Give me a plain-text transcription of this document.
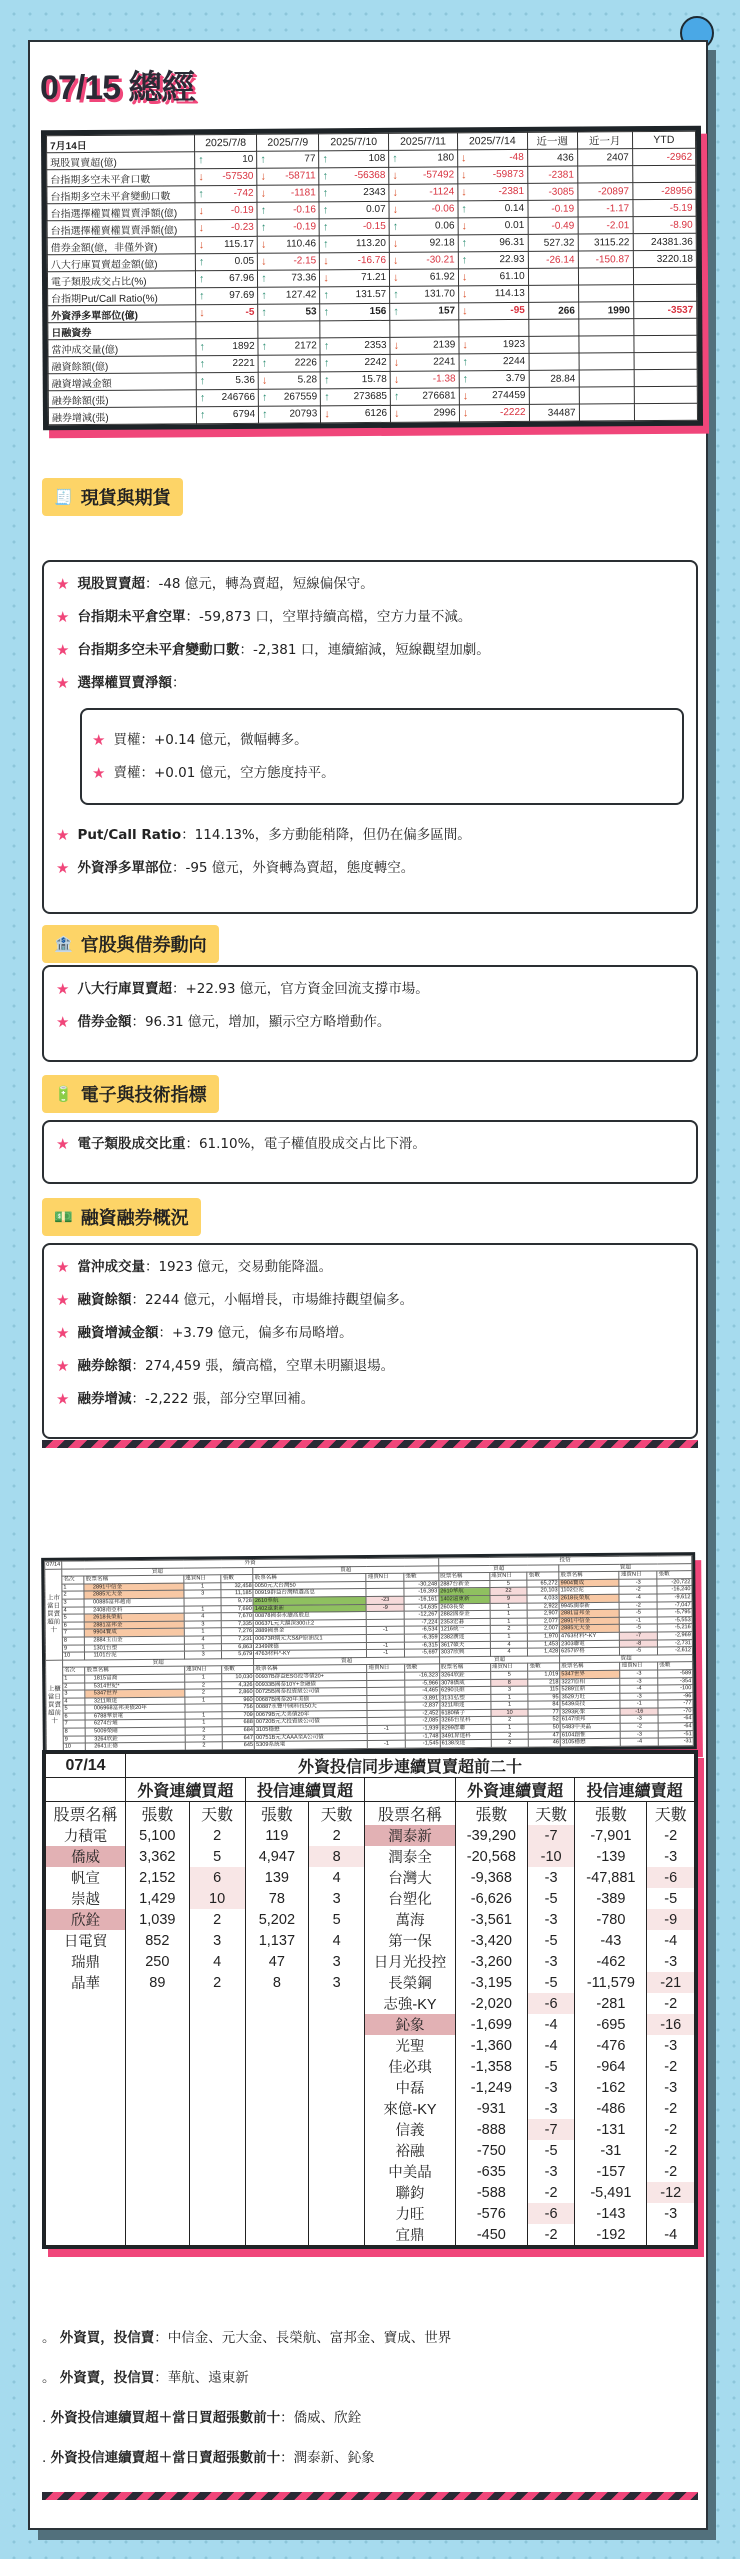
07/15 總經
7月14日	2025/7/8	2025/7/9	2025/7/10	2025/7/11	2025/7/14	近一週	近一月	YTD
現股買賣超(億)	↑ 10	↑ 77	↑ 108	↑ 180	↓ -48	436	2407	-2962
台指期多空未平倉口數	↓ -57530	↓ -58711	↑ -56368	↓ -57492	↓ -59873	-2381		
台指期多空未平倉變動口數	↑ -742	↓ -1181	↑ 2343	↓ -1124	↓ -2381	-3085	-20897	-28956
台指選擇權買權買賣淨額(億)	↓ -0.19	↑ -0.16	↑ 0.07	↓ -0.06	↑ 0.14	-0.19	-1.17	-5.19
台指選擇權賣權買賣淨額(億)	↓ -0.23	↑ -0.19	↑ -0.15	↑ 0.06	↓ 0.01	-0.49	-2.01	-8.90
借券金額(億，非僅外資)	↓ 115.17	↓ 110.46	↑ 113.20	↓ 92.18	↑ 96.31	527.32	3115.22	24381.36
八大行庫買賣超金額(億)	↑ 0.05	↓ -2.15	↓ -16.76	↓ -30.21	↑ 22.93	-26.14	-150.87	3220.18
電子類股成交占比(%)	↑ 67.96	↑ 73.36	↓ 71.21	↓ 61.92	↓ 61.10			
台指期Put/Call Ratio(%)	↑ 97.69	↑ 127.42	↑ 131.57	↑ 131.70	↓ 114.13			
外資淨多單部位(億)	↓ -5	↑ 53	↑ 156	↑ 157	↓ -95	266	1990	-3537
日融資券								
當沖成交量(億)	↑ 1892	↑ 2172	↑ 2353	↓ 2139	↓ 1923			
融資餘額(億)	↑ 2221	↑ 2226	↑ 2242	↓ 2241	↑ 2244			
融資增減金額	↑ 5.36	↓ 5.28	↑ 15.78	↓ -1.38	↑ 3.79	28.84		
融券餘額(張)	↑ 246766	↑ 267559	↑ 273685	↑ 276681	↓ 274459			
融券增減(張)	↑ 6794	↑ 20793	↓ 6126	↓ 2996	↓ -2222	34487		
🧾 現貨與期貨
★ 現股買賣超：-48 億元，轉為賣超，短線偏保守。
★ 台指期未平倉空單：-59,873 口，空單持續高檔，空方力量不減。
★ 台指期多空未平倉變動口數：-2,381 口，連續縮減，短線觀望加劇。
★ 選擇權買賣淨額：
★ 買權：+0.14 億元，微幅轉多。
★ 賣權：+0.01 億元，空方態度持平。
★ Put/Call Ratio：114.13%，多方動能稍降，但仍在偏多區間。
★ 外資淨多單部位：-95 億元，外資轉為賣超，態度轉空。
🏦 官股與借券動向
★ 八大行庫買賣超：+22.93 億元，官方資金回流支撐市場。
★ 借券金額：96.31 億元，增加，顯示空方略增動作。
🔋 電子與技術指標
★ 電子類股成交比重：61.10%，電子權值股成交占比下滑。
💵 融資融券概況
★ 當沖成交量：1923 億元，交易動能降溫。
★ 融資餘額：2244 億元，小幅增長，市場維持觀望偏多。
★ 融資增減金額：+3.79 億元，偏多布局略增。
★ 融券餘額：274,459 張，續高檔，空單未明顯退場。
★ 融券增減：-2,222 張，部分空單回補。
07/14	外資							投信					
上市當日買賣超前十	買超				賣超			買超			賣超		
	名次	股票名稱	連買N日	張數	股票名稱	連賣N日	張數	股票名稱	連買N日	張數	股票名稱	連賣N日	張數
	1	2891中信金	1	32,458	0050元大台灣50		-30,248	2887台新金	5	65,272	9904寶成	-3	-20,722
	2	2885元大金	3	11,185	00919群益台灣精選高息		-16,393	2610華航	22	20,103	1102亞泥	-2	-16,240
	3	00885富邦越南		9,728	2610華航	-23	-16,161	1402遠東新	9	4,033	2618長榮航	-4	-9,612
	4	2408南亞科	1	7,690	1402遠東新	-9	-14,635	2603長榮	1	2,922	9945潤泰新	-2	-7,047
	5	2618長榮航	4	7,670	00878國泰永續高股息		-12,267	2882國泰金	1	2,907	2881富邦金	-5	-5,795
	6	2881富邦金	3	7,335	00637L元大滬深300正2		-7,224	2353宏碁	1	2,077	2891中信金	-1	-5,553
	7	9904寶成	1	7,276	2889國票金	-1	-6,534	1216統一	2	2,007	2885元大金	-5	-5,216
	8	2884玉山金	4	7,231	00673R期元大S&P原油反1		-6,359	2382廣達	1	1,970	4763材料*-KY	-7	-2,969
	9	1301台塑	1	6,863	2349錸德	-1	-6,315	3617碩天	4	1,453	2303聯電	-8	-2,731
	10	1101台泥	3	5,679	4763材料*-KY	-1	-5,697	3037欣興	4	1,428	6257矽格	-5	-2,612
上櫃當日買賣超前十	買超				賣超			買超			賣超		
	名次	股票名稱	連買N日	張數	股票名稱	連賣N日	張數	股票名稱	連買N日	張數	股票名稱	連賣N日	張數
	1	1815富喬	1	10,030	00937B群益ESG投等債20+		-16,323	3264欣銓	5	1,019	5347世界	-3	-589
	2	5314世紀*	2	4,326	00933B國泰10Y+金融債		-5,966	3078僑威	8	218	3227原相	-3	-354
	3	5347世界	2	2,860	00725B國泰投資級公司債		-4,465	6290良維	3	115	5289宜鼎	-4	-100
	4	3211順達	1	960	00687B國泰20年美債		-3,891	3131弘塑	1	95	3529力旺	-3	-96
	5	006968富邦美債20年		756	00887永豐中國科技50大		-2,837	3211順達	1	84	5439高技	-1	-77
	6	6788華景電	1	709	00679B元大美債20年		-2,452	6180橘子	10	77	3293鈊象	-16	-70
	7	6274台燿	1	688	00720B元大投資級公司債		-2,085	3265台星科	2	52	6147頎邦	-3	-64
	8	5009榮剛	2	684	3105穩懋	-1	-1,939	8299群聯	1	50	5483中美晶	-2	-64
	9	3264欣銓	2	647	00751B元大AAA至A公司債		-1,748	3491昇達科	2	47	6104創惟	-3	-51
	10	2641正德	2	645	5309系統電	-1	-1,545	6138茂達	2	46	3105穩懋	-4	-31
07/14	外資投信同步連續買賣超前二十								
	外資連續買超		投信連續買超			外資連續賣超		投信連續賣超	
股票名稱	張數	天數	張數	天數	股票名稱	張數	天數	張數	天數
力積電	5,100	2	119	2	潤泰新	-39,290	-7	-7,901	-2
僑威	3,362	5	4,947	8	潤泰全	-20,568	-10	-139	-3
帆宣	2,152	6	139	4	台灣大	-9,368	-3	-47,881	-6
崇越	1,429	10	78	3	台塑化	-6,626	-5	-389	-5
欣銓	1,039	2	5,202	5	萬海	-3,561	-3	-780	-9
日電貿	852	3	1,137	4	第一保	-3,420	-5	-43	-4
瑞鼎	250	4	47	3	日月光投控	-3,260	-3	-462	-3
晶華	89	2	8	3	長榮鋼	-3,195	-5	-11,579	-21
					志強-KY	-2,020	-6	-281	-2
					鈊象	-1,699	-4	-695	-16
					光聖	-1,360	-4	-476	-3
					佳必琪	-1,358	-5	-964	-2
					中磊	-1,249	-3	-162	-3
					來億-KY	-931	-3	-486	-2
					信義	-888	-7	-131	-2
					裕融	-750	-5	-31	-2
					中美晶	-635	-3	-157	-2
					聯鈞	-588	-2	-5,491	-12
					力旺	-576	-6	-143	-3
					宜鼎	-450	-2	-192	-4
。 外資買，投信賣：中信金、元大金、長榮航、富邦金、寶成、世界
。 外資賣，投信買：華航、遠東新
. 外資投信連續買超＋當日買超張數前十：僑威、欣銓
. 外資投信連續賣超＋當日賣超張數前十：潤泰新、鈊象
